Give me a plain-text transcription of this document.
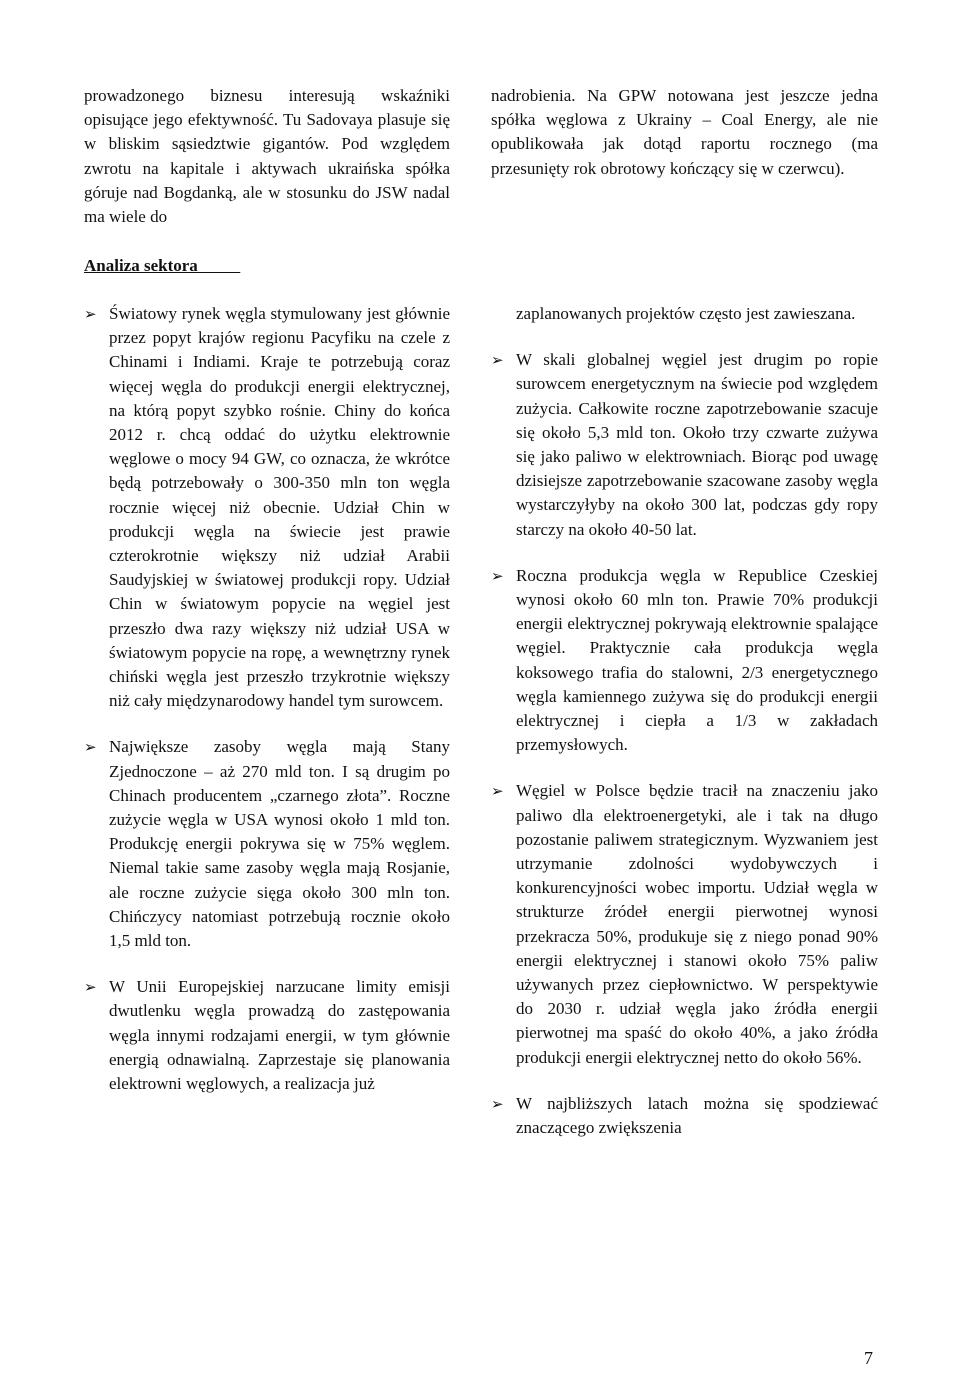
prowadzonego biznesu interesują wskaźniki opisujące jego efektywność. Tu Sadovaya plasuje się w bliskim sąsiedztwie gigantów. Pod względem zwrotu na kapitale i aktywach ukraińska spółka góruje nad Bogdanką, ale w stosunku do JSW nadal ma wiele do

nadrobienia. Na GPW notowana jest jeszcze jedna spółka węglowa z Ukrainy – Coal Energy, ale nie opublikowała jak dotąd raportu rocznego (ma przesunięty rok obrotowy kończący się w czerwcu).

Analiza sektora
➢ Światowy rynek węgla stymulowany jest głównie przez popyt krajów regionu Pacyfiku na czele z Chinami i Indiami. Kraje te potrzebują coraz więcej węgla do produkcji energii elektrycznej, na którą popyt szybko rośnie. Chiny do końca 2012 r. chcą oddać do użytku elektrownie węglowe o mocy 94 GW, co oznacza, że wkrótce będą potrzebowały o 300-350 mln ton węgla rocznie więcej niż obecnie. Udział Chin w produkcji węgla na świecie jest prawie czterokrotnie większy niż udział Arabii Saudyjskiej w światowej produkcji ropy. Udział Chin w światowym popycie na węgiel jest przeszło dwa razy większy niż udział USA w światowym popycie na ropę, a wewnętrzny rynek chiński węgla jest przeszło trzykrotnie większy niż cały międzynarodowy handel tym surowcem.
➢ Największe zasoby węgla mają Stany Zjednoczone – aż 270 mld ton. I są drugim po Chinach producentem „czarnego złota”. Roczne zużycie węgla w USA wynosi około 1 mld ton. Produkcję energii pokrywa się w 75% węglem. Niemal takie same zasoby węgla mają Rosjanie, ale roczne zużycie sięga około 300 mln ton. Chińczycy natomiast potrzebują rocznie około 1,5 mld ton.
➢ W Unii Europejskiej narzucane limity emisji dwutlenku węgla prowadzą do zastępowania węgla innymi rodzajami energii, w tym głównie energią odnawialną. Zaprzestaje się planowania elektrowni węglowych, a realizacja już

zaplanowanych projektów często jest zawieszana.

➢ W skali globalnej węgiel jest drugim po ropie surowcem energetycznym na świecie pod względem zużycia. Całkowite roczne zapotrzebowanie szacuje się około 5,3 mld ton. Około trzy czwarte zużywa się jako paliwo w elektrowniach. Biorąc pod uwagę dzisiejsze zapotrzebowanie szacowane zasoby węgla wystarczyłyby na około 300 lat, podczas gdy ropy starczy na około 40-50 lat.
➢ Roczna produkcja węgla w Republice Czeskiej wynosi około 60 mln ton. Prawie 70% produkcji energii elektrycznej pokrywają elektrownie spalające węgiel. Praktycznie cała produkcja węgla koksowego trafia do stalowni, 2/3 energetycznego węgla kamiennego zużywa się do produkcji energii elektrycznej i ciepła a 1/3 w zakładach przemysłowych.
➢ Węgiel w Polsce będzie tracił na znaczeniu jako paliwo dla elektroenergetyki, ale i tak na długo pozostanie paliwem strategicznym. Wyzwaniem jest utrzymanie zdolności wydobywczych i konkurencyjności wobec importu. Udział węgla w strukturze źródeł energii pierwotnej wynosi przekracza 50%, produkuje się z niego ponad 90% energii elektrycznej i stanowi około 75% paliw używanych przez ciepłownictwo. W perspektywie do 2030 r. udział węgla jako źródła energii pierwotnej ma spaść do około 40%, a jako źródła produkcji energii elektrycznej netto do około 56%.
➢ W najbliższych latach można się spodziewać znaczącego zwiększenia
7
